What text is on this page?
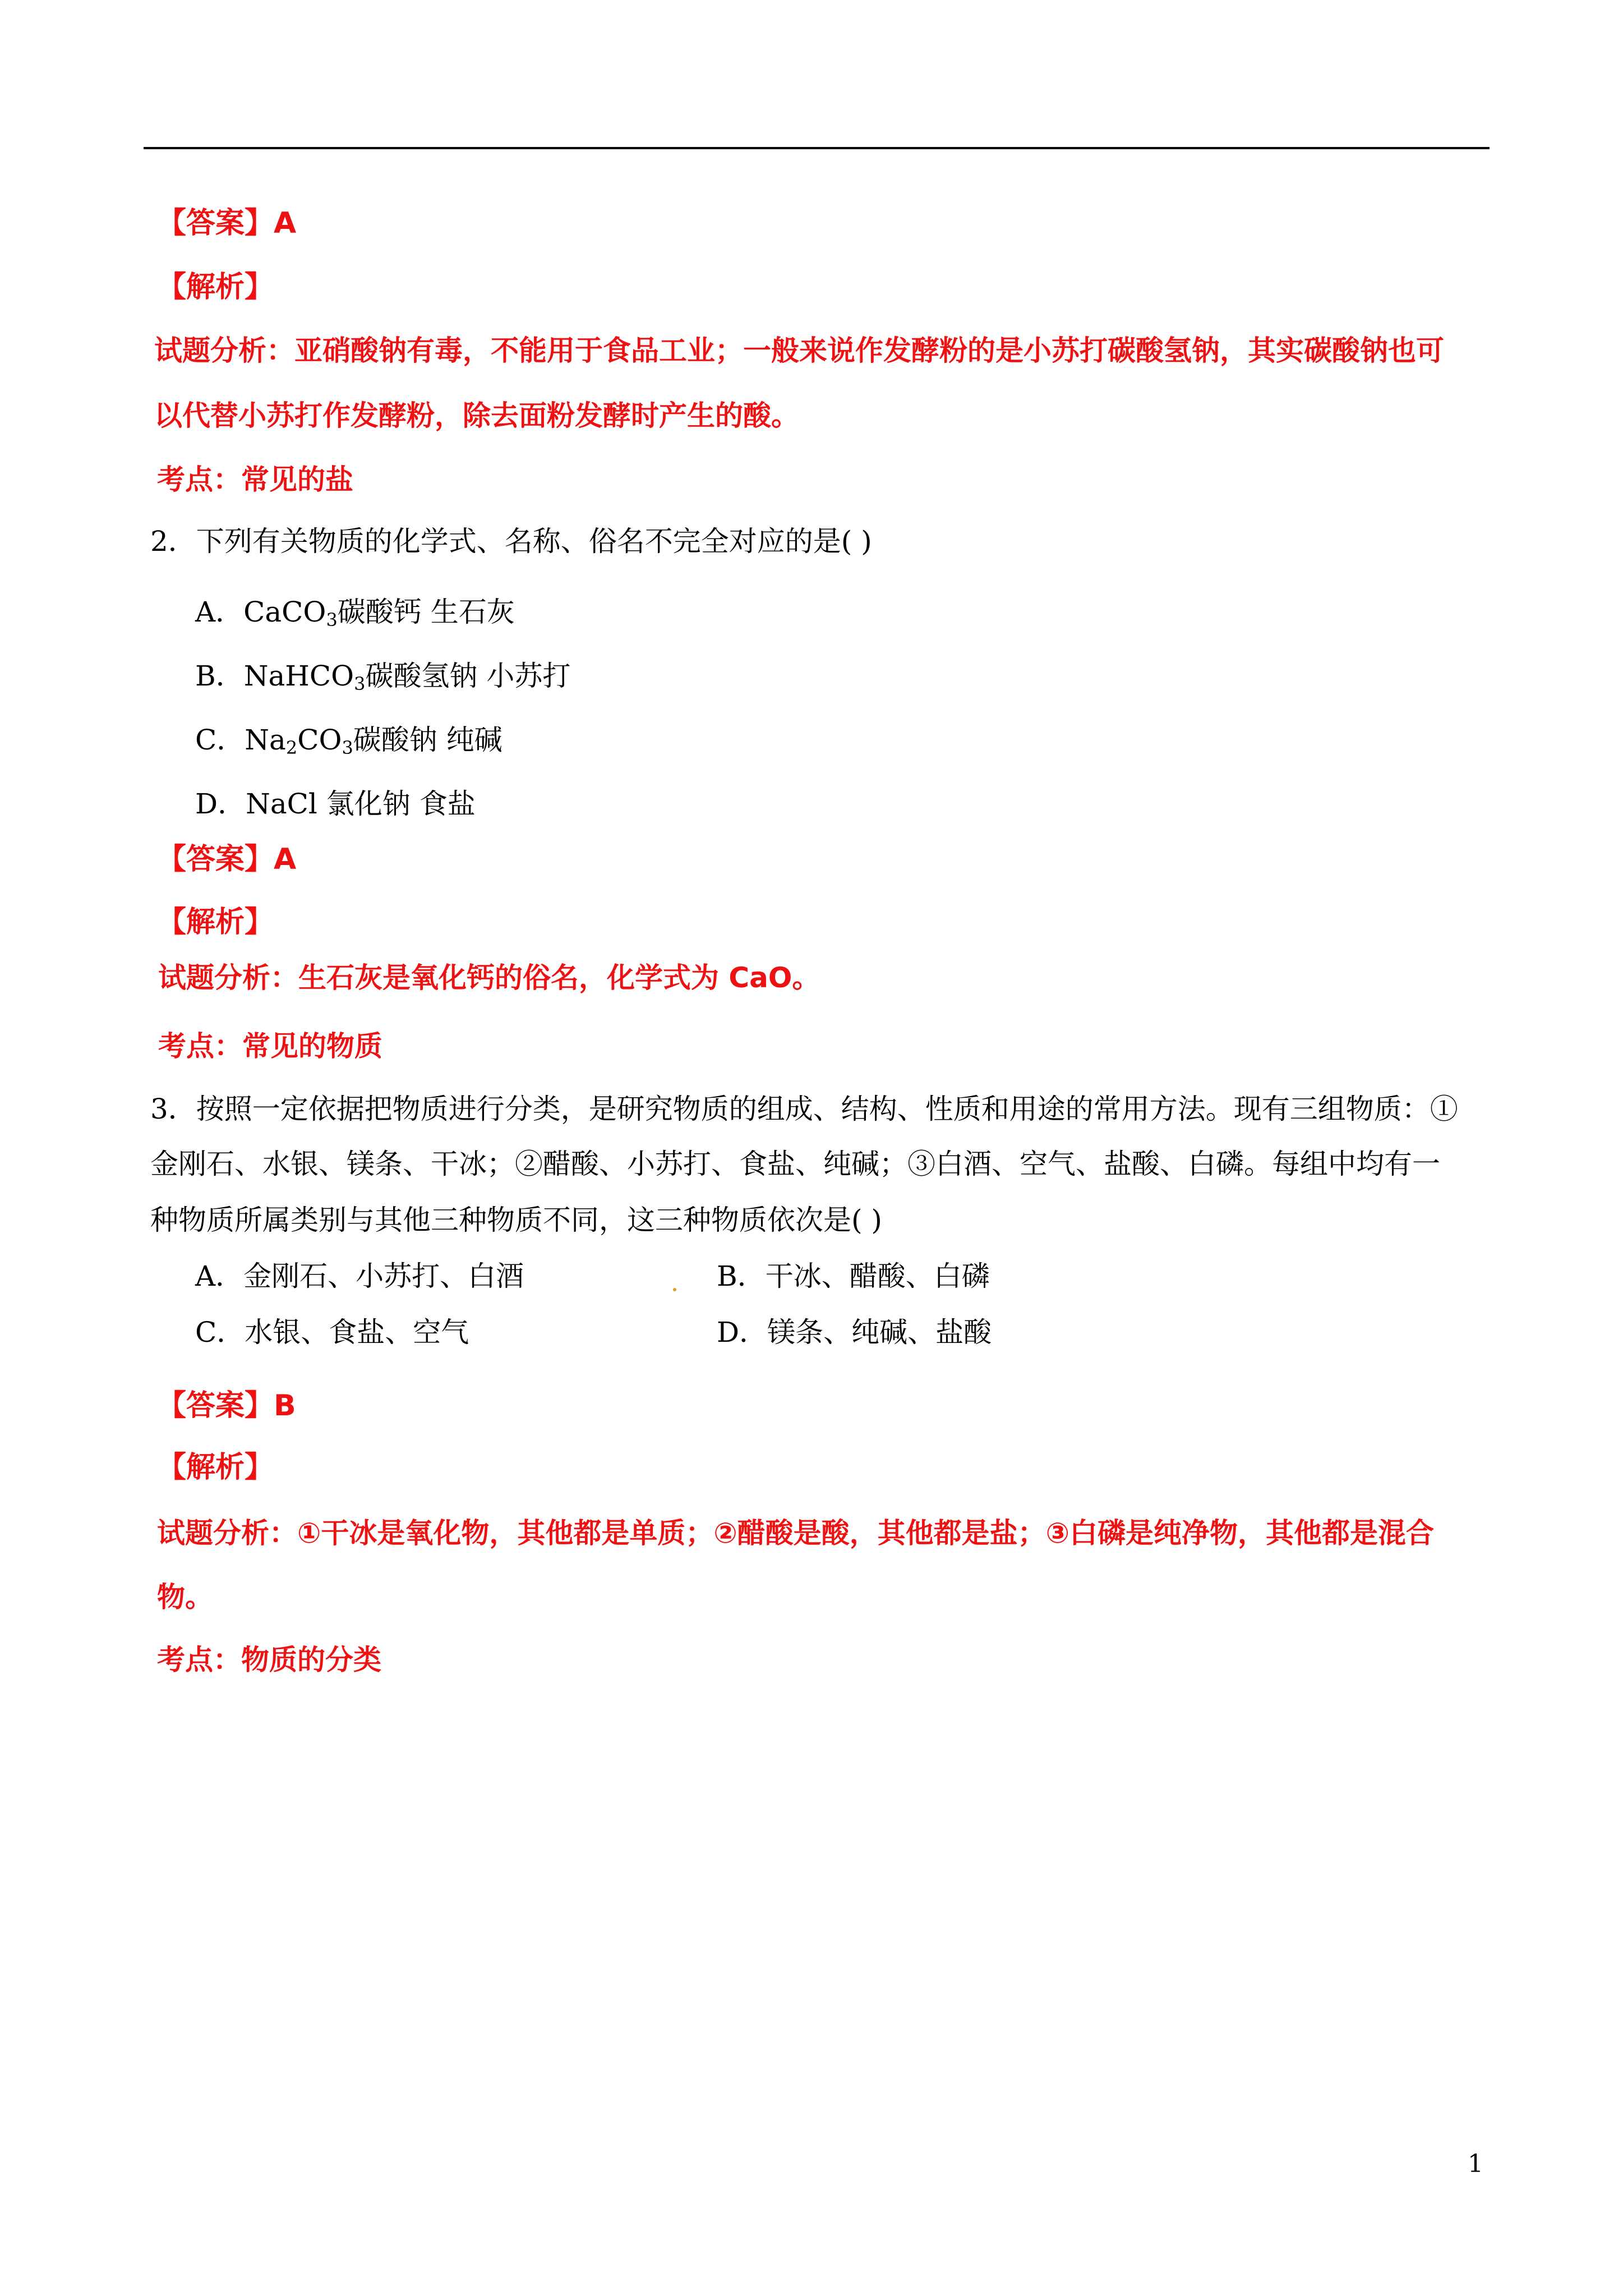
【答案】A
【解析】
试题分析：亚硝酸钠有毒，不能用于食品工业；一般来说作发酵粉的是小苏打碳酸氢钠，其实碳酸钠也可
以代替小苏打作发酵粉，除去面粉发酵时产生的酸。
考点：常见的盐
2．下列有关物质的化学式、名称、俗名不完全对应的是( )
A．CaCO$_3$碳酸钙 生石灰
B．NaHCO$_3$碳酸氢钠 小苏打
C．$Na_2CO_3$碳酸钠 纯碱
D．NaCl 氯化钠 食盐
【答案】A
【解析】
试题分析：生石灰是氧化钙的俗名，化学式为 CaO。
考点：常见的物质
3．按照一定依据把物质进行分类，是研究物质的组成、结构、性质和用途的常用方法。现有三组物质：①
金刚石、水银、镁条、干冰；②醋酸、小苏打、食盐、纯碱；③白酒、空气、盐酸、白磷。每组中均有一
种物质所属类别与其他三种物质不同，这三种物质依次是( )
A．金刚石、小苏打、白酒	B．干冰、醋酸、白磷
C．水银、食盐、空气	D．镁条、纯碱、盐酸
【答案】B
【解析】
试题分析：①干冰是氧化物，其他都是单质；②醋酸是酸，其他都是盐；③白磷是纯净物，其他都是混合
物。
考点：物质的分类
1
